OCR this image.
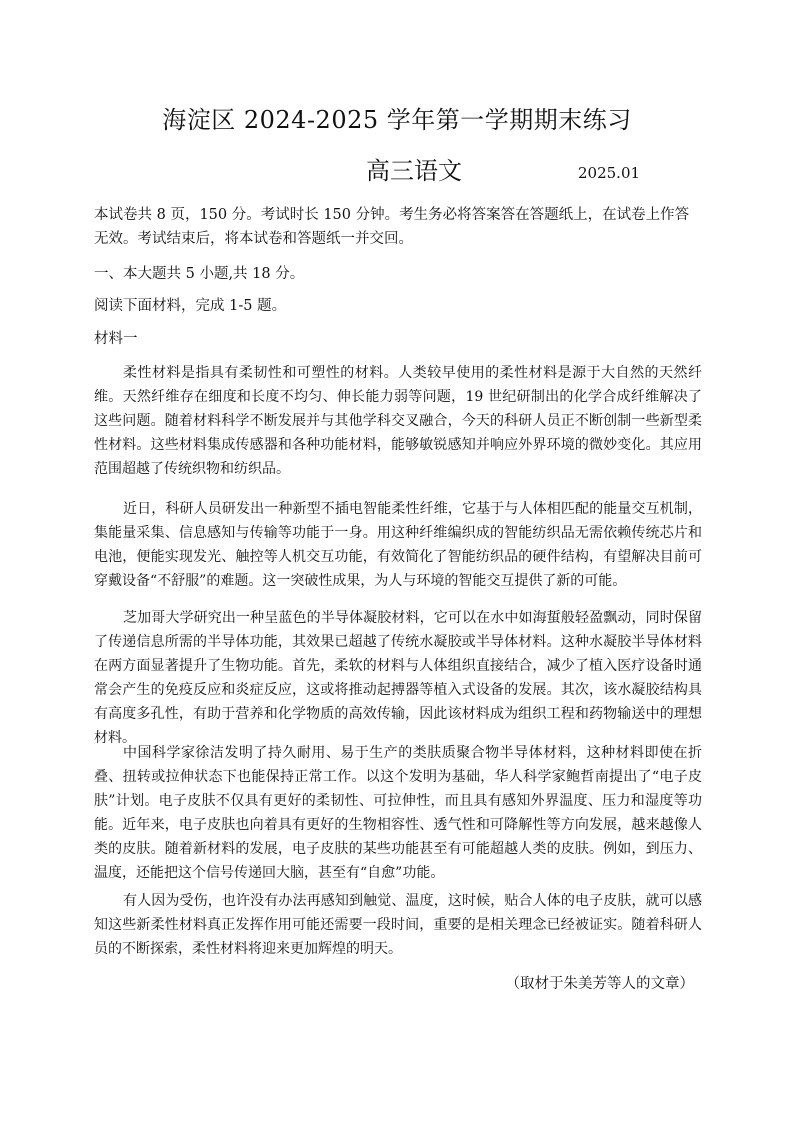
海淀区 2024-2025 学年第一学期期末练习
高三语文	2025.01
本试卷共 8 页，150 分。考试时长 150 分钟。考生务必将答案答在答题纸上，在试卷上作答无效。考试结束后，将本试卷和答题纸一并交回。
一、本大题共 5 小题,共 18 分。
阅读下面材料，完成 1-5 题。
材料一
柔性材料是指具有柔韧性和可塑性的材料。人类较早使用的柔性材料是源于大自然的天然纤维。天然纤维存在细度和长度不均匀、伸长能力弱等问题，19 世纪研制出的化学合成纤维解决了这些问题。随着材料科学不断发展并与其他学科交叉融合，今天的科研人员正不断创制一些新型柔性材料。这些材料集成传感器和各种功能材料，能够敏锐感知并响应外界环境的微妙变化。其应用范围超越了传统织物和纺织品。
近日，科研人员研发出一种新型不插电智能柔性纤维，它基于与人体相匹配的能量交互机制，集能量采集、信息感知与传输等功能于一身。用这种纤维编织成的智能纺织品无需依赖传统芯片和电池，便能实现发光、触控等人机交互功能，有效简化了智能纺织品的硬件结构，有望解决目前可穿戴设备“不舒服”的难题。这一突破性成果，为人与环境的智能交互提供了新的可能。
芝加哥大学研究出一种呈蓝色的半导体凝胶材料，它可以在水中如海蜇般轻盈飘动，同时保留了传递信息所需的半导体功能，其效果已超越了传统水凝胶或半导体材料。这种水凝胶半导体材料在两方面显著提升了生物功能。首先，柔软的材料与人体组织直接结合，减少了植入医疗设备时通常会产生的免疫反应和炎症反应，这或将推动起搏器等植入式设备的发展。其次，该水凝胶结构具有高度多孔性，有助于营养和化学物质的高效传输，因此该材料成为组织工程和药物输送中的理想材料。
中国科学家徐洁发明了持久耐用、易于生产的类肤质聚合物半导体材料，这种材料即使在折叠、扭转或拉伸状态下也能保持正常工作。以这个发明为基础，华人科学家鲍哲南提出了“电子皮肤”计划。电子皮肤不仅具有更好的柔韧性、可拉伸性，而且具有感知外界温度、压力和湿度等功能。近年来，电子皮肤也向着具有更好的生物相容性、透气性和可降解性等方向发展，越来越像人类的皮肤。随着新材料的发展，电子皮肤的某些功能甚至有可能超越人类的皮肤。例如，到压力、温度，还能把这个信号传递回大脑，甚至有“自愈”功能。
有人因为受伤，也许没有办法再感知到触觉、温度，这时候，贴合人体的电子皮肤，就可以感知这些新柔性材料真正发挥作用可能还需要一段时间，重要的是相关理念已经被证实。随着科研人员的不断探索，柔性材料将迎来更加辉煌的明天。
（取材于朱美芳等人的文章）
